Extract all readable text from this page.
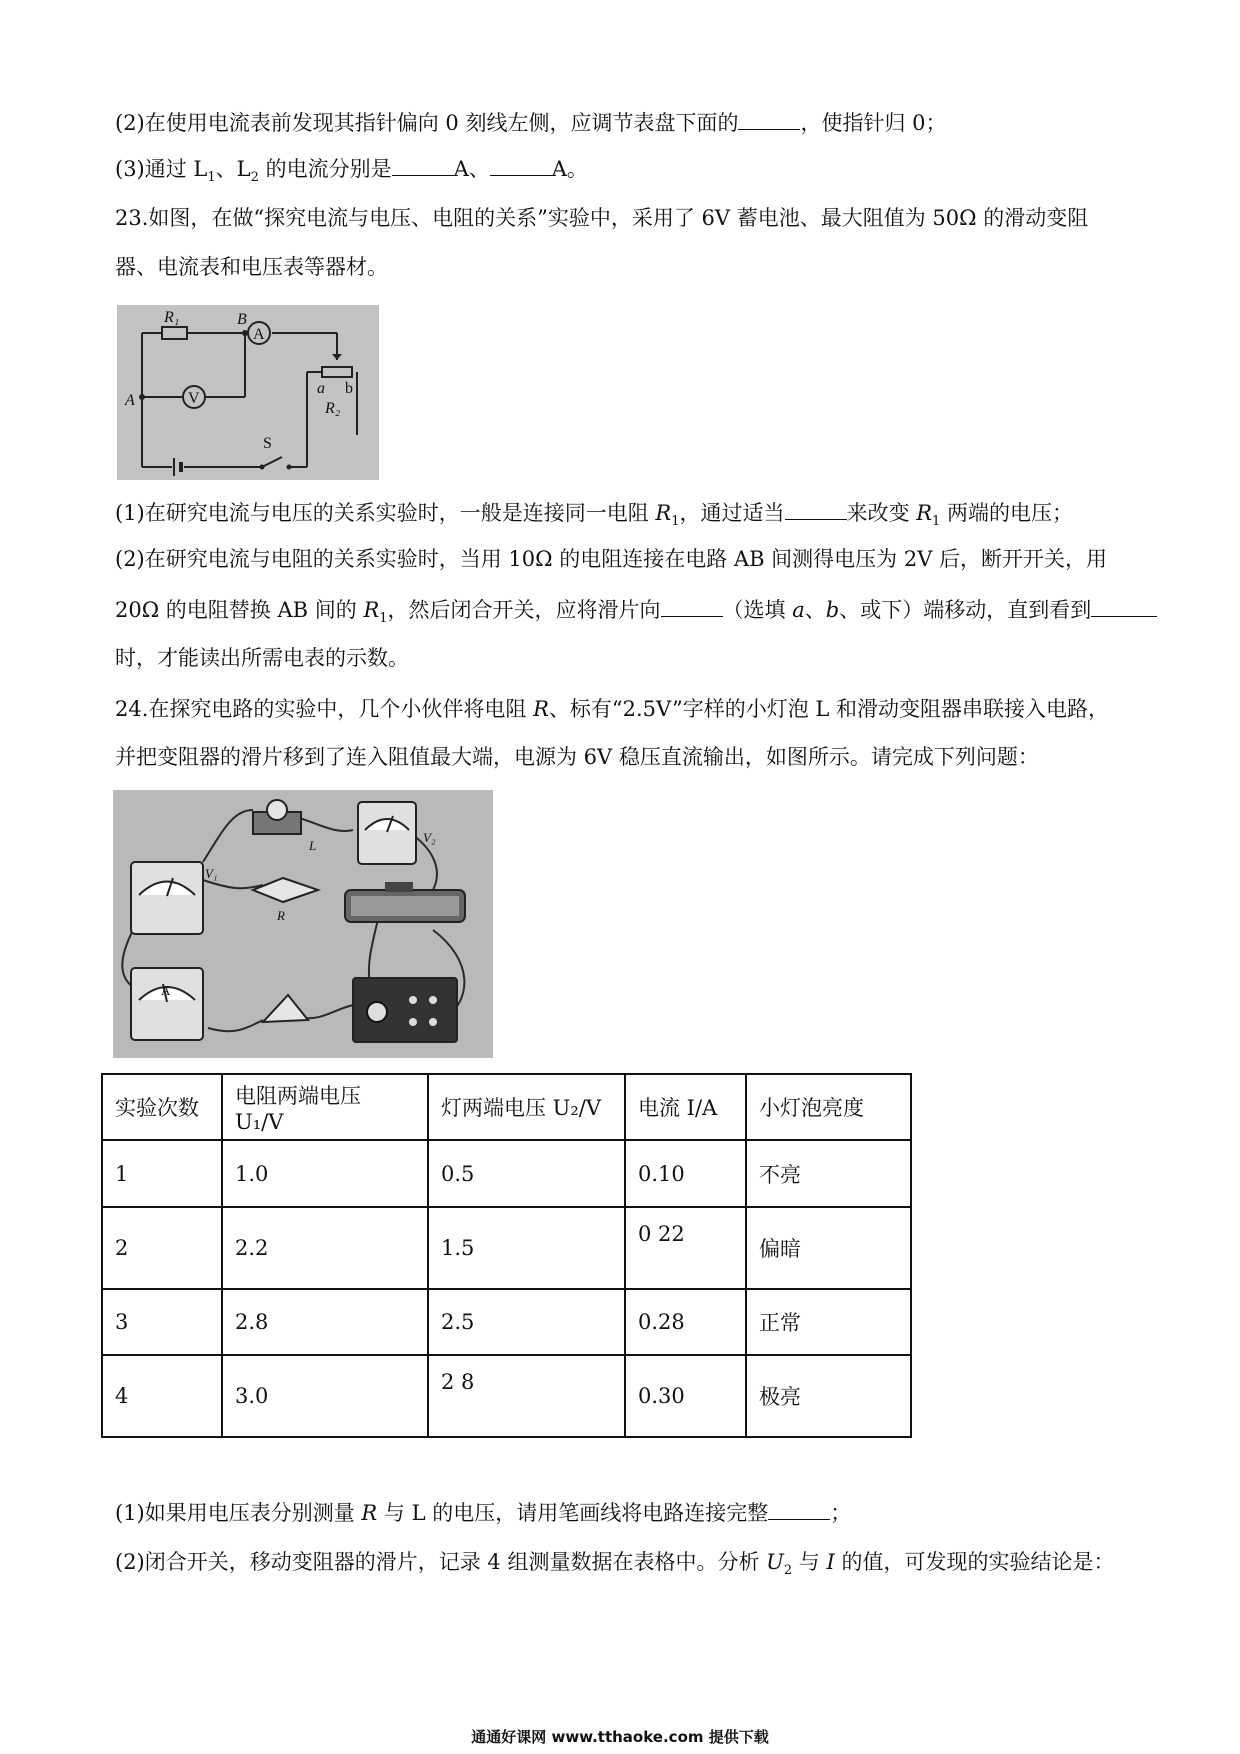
(2)在使用电流表前发现其指针偏向 0 刻线左侧，应调节表盘下面的	，使指针归 0；
(3)通过 $L_1$、$L_2$ 的电流分别是	A、	A。
23.如图，在做“探究电流与电压、电阻的关系”实验中，采用了 6V 蓄电池、最大阻值为 50Ω 的滑动变阻
器、电流表和电压表等器材。
A
V
R₁	B
A
a b
R₂
S
(1)在研究电流与电压的关系实验时，一般是连接同一电阻 $R_1$，通过适当	来改变 $R_1$ 两端的电压；
(2)在研究电流与电阻的关系实验时，当用 10Ω 的电阻连接在电路 AB 间测得电压为 2V 后，断开开关，用
20Ω 的电阻替换 AB 间的 $R_1$，然后闭合开关，应将滑片向	（选填 a、b、或下）端移动，直到看到
时，才能读出所需电表的示数。
24.在探究电路的实验中，几个小伙伴将电阻 R、标有“2.5V”字样的小灯泡 L 和滑动变阻器串联接入电路，
并把变阻器的滑片移到了连入阻值最大端，电源为 6V 稳压直流输出，如图所示。请完成下列问题：
V₂
V₁
L
R
A
实验次数	电阻两端电压 U₁/V	灯两端电压 U₂/V	电流 I/A	小灯泡亮度
1	1.0	0.5	0.10	不亮
2	2.2	1.5	0 22	偏暗
3	2.8	2.5	0.28	正常
4	3.0	2 8	0.30	极亮
(1)如果用电压表分别测量 R 与 L 的电压，请用笔画线将电路连接完整	；
(2)闭合开关，移动变阻器的滑片，记录 4 组测量数据在表格中。分析 $U_2$ 与 I 的值，可发现的实验结论是：
通通好课网 www.tthaoke.com 提供下载
